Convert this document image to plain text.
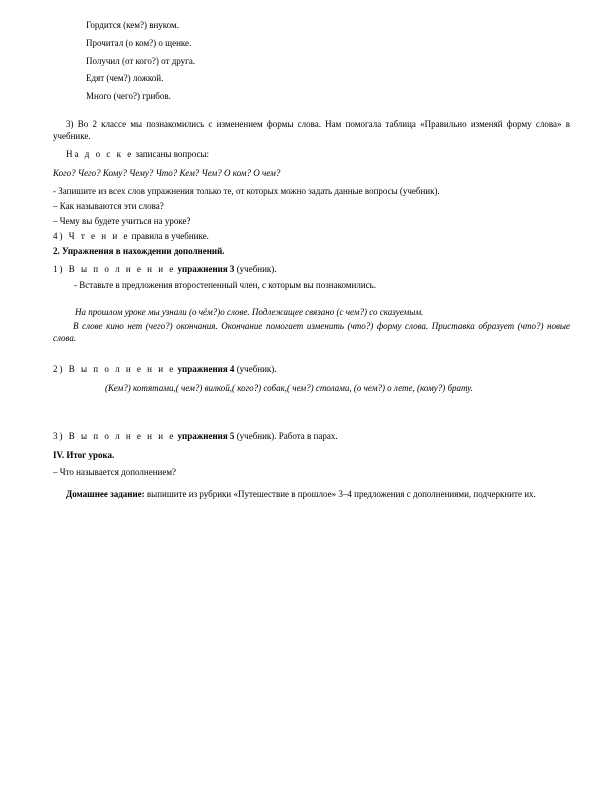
Гордится (кем?) внуком.
Прочитал (о ком?) о щенке.
Получил (от кого?) от друга.
Едят (чем?) ложкой.
Много (чего?) грибов.
3) Во 2 классе мы познакомились с изменением формы слова. Нам помогала таблица «Правильно изменяй форму слова» в учебнике.
На д о с к е записаны вопросы:
Кого? Чего? Кому? Чему? Что? Кем? Чем? О ком? О чем?
- Запишите из всех слов упражнения только те, от которых можно задать данные вопросы (учебник).
– Как называются эти слова?
– Чему вы будете учиться на уроке?
4) Ч т е н и е правила в учебнике.
2. Упражнения в нахождении дополнений.
1) В ы п о л н е н и е упражнения 3 (учебник).
- Вставьте в предложения второстепенный член, с которым вы познакомились.
На прошлом уроке мы узнали (о чём?)о слове. Подлежащее связано (с чем?) со сказуемым.
В слове кино нет (чего?) окончания. Окончание помогает изменить (что?) форму слова. Приставка образует (что?) новые слова.
2) В ы п о л н е н и е упражнения 4 (учебник).
(Кем?) котятами,( чем?) вилкой,( кого?) собак,( чем?) столами, (о чем?) о лете, (кому?) брату.
3) В ы п о л н е н и е упражнения 5 (учебник). Работа в парах.
IV. Итог урока.
– Что называется дополнением?
Домашнее задание: выпишите из рубрики «Путешествие в прошлое» 3–4 предложения с дополнениями, подчеркните их.
